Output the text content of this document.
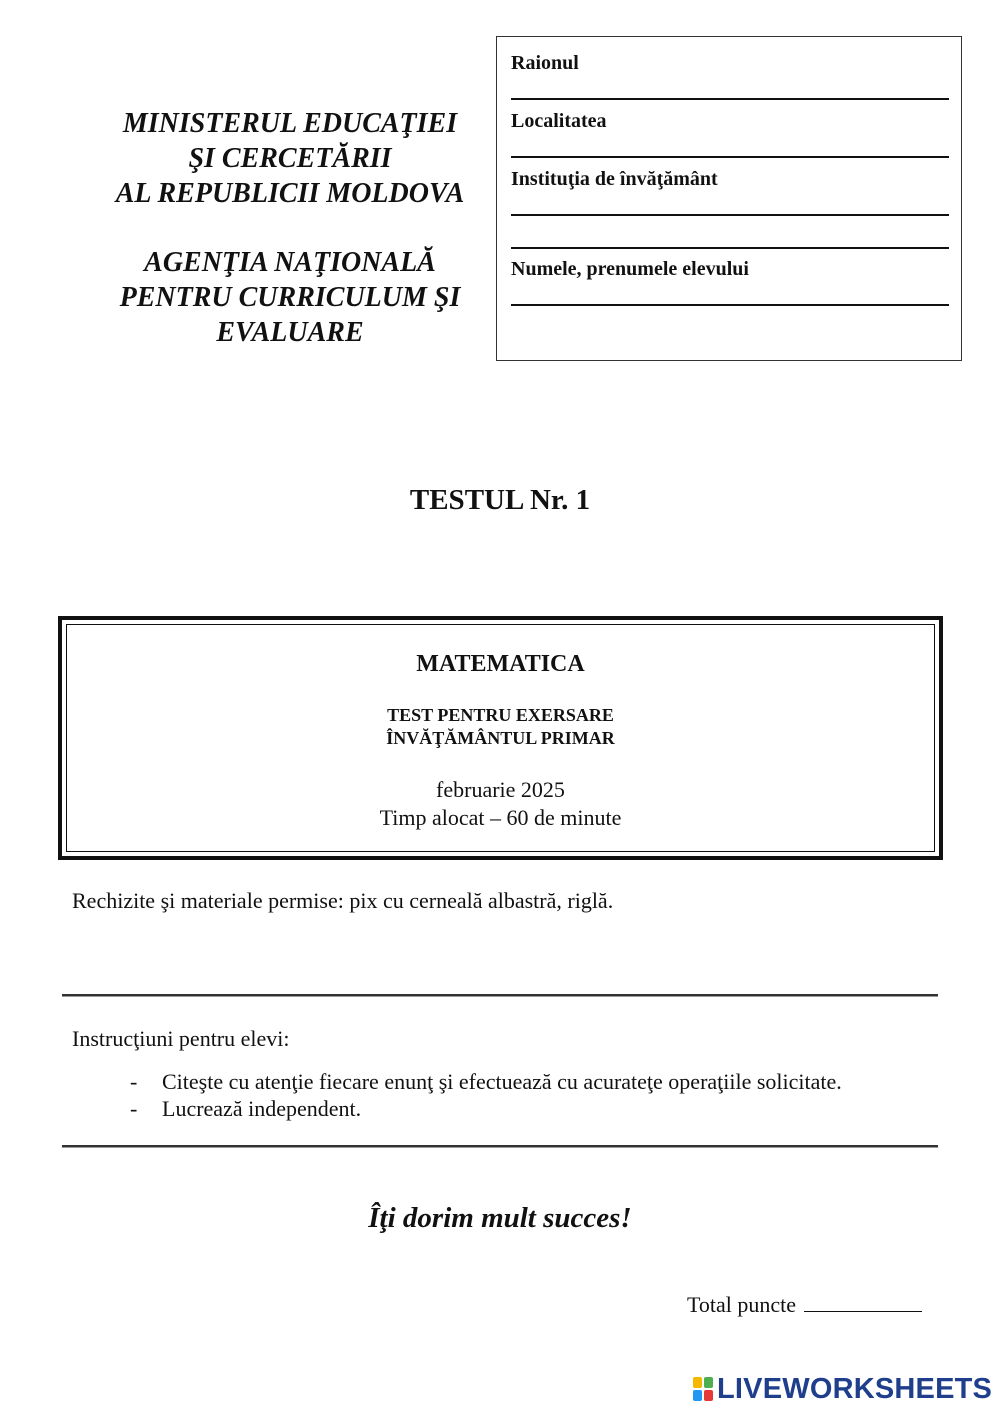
MINISTERUL EDUCAŢIEI
ŞI CERCETĂRII
AL REPUBLICII MOLDOVA
AGENŢIA NAŢIONALĂ
PENTRU CURRICULUM ŞI
EVALUARE
Raionul
Localitatea
Instituţia de învăţământ
Numele, prenumele elevului
TESTUL Nr. 1
MATEMATICA
TEST PENTRU EXERSARE
ÎNVĂŢĂMÂNTUL PRIMAR
februarie 2025
Timp alocat – 60 de minute
Rechizite şi materiale permise: pix cu cerneală albastră, riglă.
Instrucţiuni pentru elevi:
- Citeşte cu atenţie fiecare enunţ şi efectuează cu acurateţe operaţiile solicitate.
- Lucrează independent.
Îţi dorim mult succes!
Total puncte
LIVEWORKSHEETS
